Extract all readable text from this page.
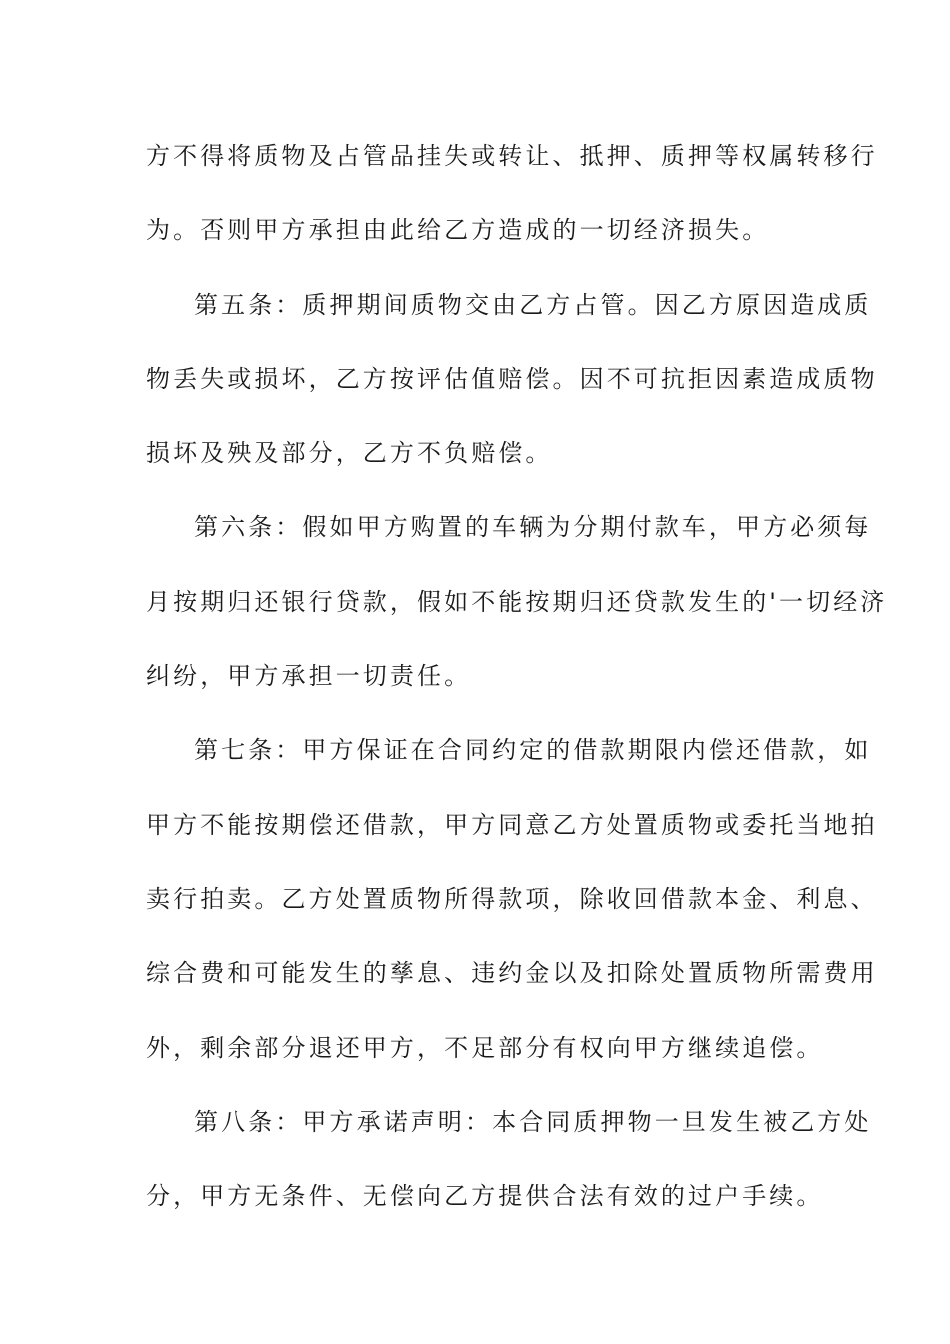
方不得将质物及占管品挂失或转让、抵押、质押等权属转移行
为。否则甲方承担由此给乙方造成的一切经济损失。
第五条：质押期间质物交由乙方占管。因乙方原因造成质
物丢失或损坏，乙方按评估值赔偿。因不可抗拒因素造成质物
损坏及殃及部分，乙方不负赔偿。
第六条：假如甲方购置的车辆为分期付款车，甲方必须每
月按期归还银行贷款，假如不能按期归还贷款发生的'一切经济
纠纷，甲方承担一切责任。
第七条：甲方保证在合同约定的借款期限内偿还借款，如
甲方不能按期偿还借款，甲方同意乙方处置质物或委托当地拍
卖行拍卖。乙方处置质物所得款项，除收回借款本金、利息、
综合费和可能发生的孳息、违约金以及扣除处置质物所需费用
外，剩余部分退还甲方，不足部分有权向甲方继续追偿。
第八条：甲方承诺声明：本合同质押物一旦发生被乙方处
分，甲方无条件、无偿向乙方提供合法有效的过户手续。
